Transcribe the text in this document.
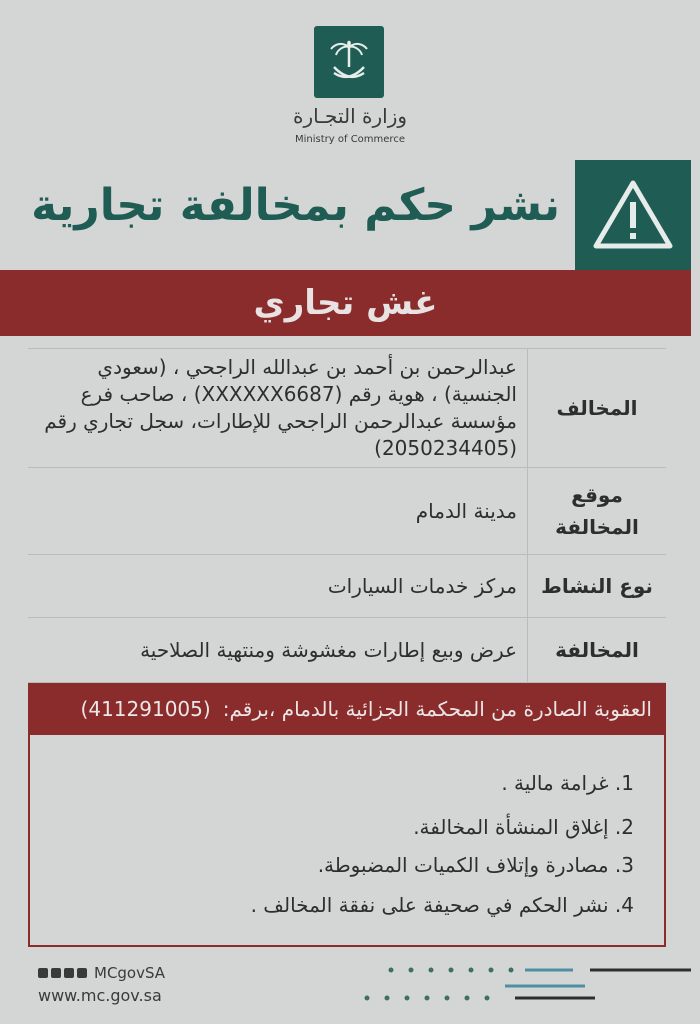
وزارة التجـارة
Ministry of Commerce
نشر حكم بمخالفة تجارية
غش تجاري
المخالف
عبدالرحمن بن أحمد بن عبدالله الراجحي ، (سعودي الجنسية) ، هوية رقم (XXXXXX6687) ، صاحب فرع مؤسسة عبدالرحمن الراجحي للإطارات، سجل تجاري رقم (2050234405)
موقع المخالفة
مدينة الدمام
نوع النشاط
مركز خدمات السيارات
المخالفة
عرض وبيع إطارات مغشوشة ومنتهية الصلاحية
العقوبة الصادرة من المحكمة الجزائية بالدمام ،برقم:
(411291005)
1. غرامة مالية .
2. إغلاق المنشأة المخالفة.
3. مصادرة وإتلاف الكميات المضبوطة.
4. نشر الحكم في صحيفة على نفقة المخالف .
MCgovSA
www.mc.gov.sa
